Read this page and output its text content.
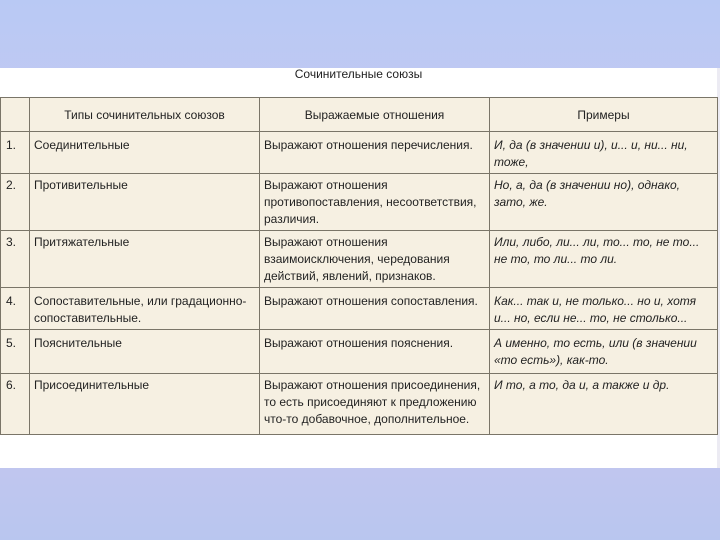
Сочинительные союзы
	Типы сочинительных союзов	Выражаемые отношения	Примеры
1.	Соединительные	Выражают отношения перечисления.	И, да (в значении и), и... и, ни... ни, тоже,
2.	Противительные	Выражают отношения противопоставления, несоответствия, различия.	Но, а, да (в значении но), однако, зато, же.
3.	Притяжательные	Выражают отношения взаимоисключения, чередования действий, явлений, признаков.	Или, либо, ли... ли, то... то, не то... не то, то ли... то ли.
4.	Сопоставительные, или градационно-сопоставительные.	Выражают отношения сопоставления.	Как... так и, не только... но и, хотя и... но, если не... то, не столько...
5.	Пояснительные	Выражают отношения пояснения.	А именно, то есть, или (в значении «то есть»), как-то.
6.	Присоединительные	Выражают отношения присоединения, то есть присоединяют к предложению что-то добавочное, дополнительное.	И то, а то, да и, а также и др.
